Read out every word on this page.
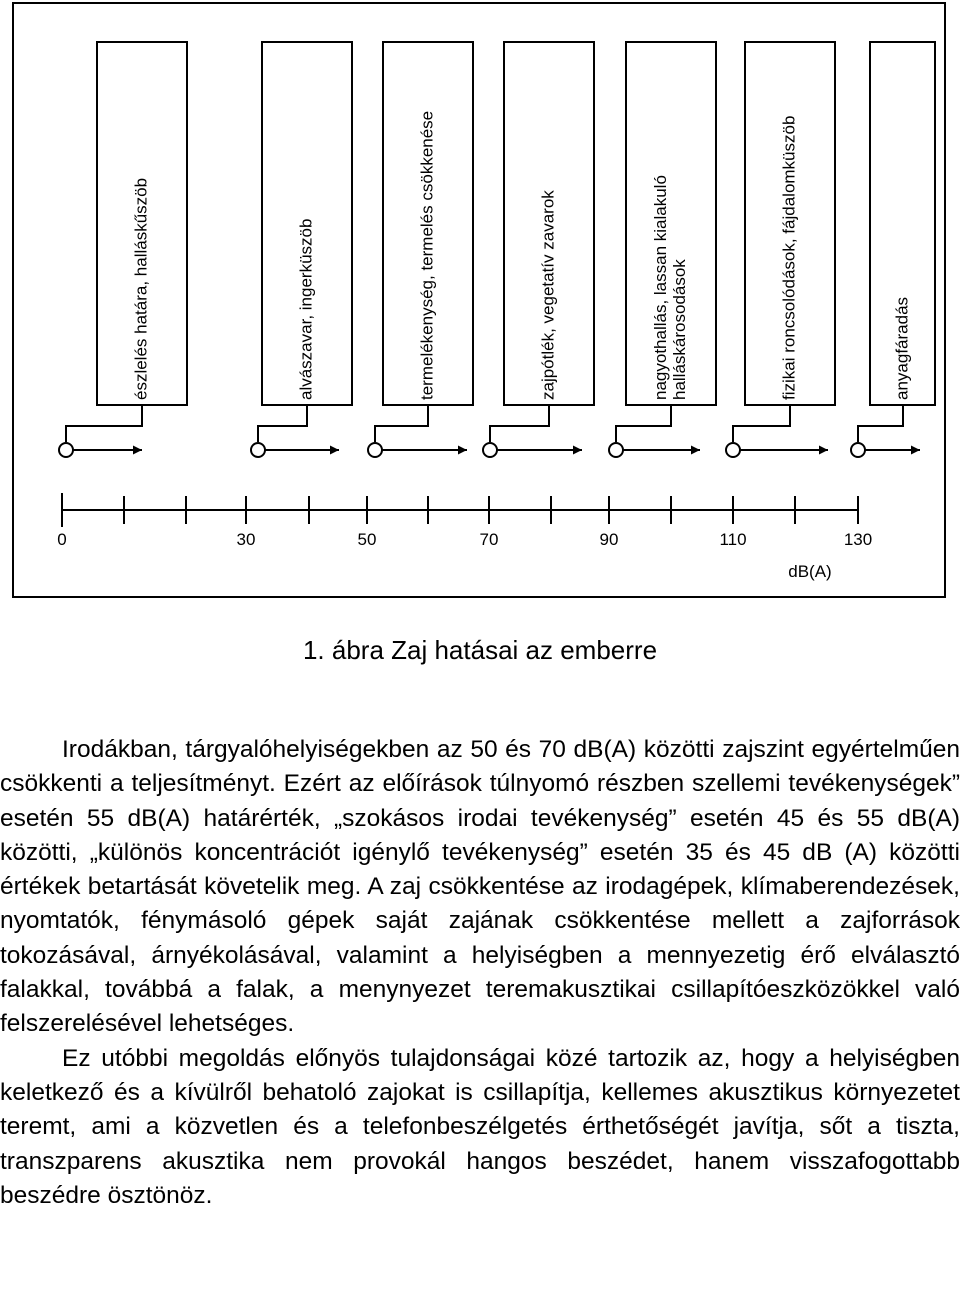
észlelés határa, halláskűszöb	alvászavar, ingerküszöb	termelékenység, termelés csökkenése	zajpótlék, vegetatív zavarok	nagyothallás, lassan kialakuló halláskárosodások	fizikai roncsolódások, fájdalomküszöb	anyagfáradás
0	30	50	70	90	110	130
dB(A)
1. ábra Zaj hatásai az emberre

Irodákban, tárgyalóhelyiségekben az 50 és 70 dB(A) közötti zajszint egyértelműen csökkenti a teljesítményt. Ezért az előírások túlnyomó részben szellemi tevékenységek” esetén 55 dB(A) határérték, „szokásos irodai tevékenység” esetén 45 és 55 dB(A) közötti, „különös koncentrációt igénylő tevékenység” esetén 35 és 45 dB (A) közötti értékek betartását követelik meg. A zaj csökkentése az irodagépek, klímaberendezések, nyomtatók, fénymásoló gépek saját zajának csökkentése mellett a zajforrások tokozásával, árnyékolásával, valamint a helyiségben a mennyezetig érő elválasztó falakkal, továbbá a falak, a menynyezet teremakusztikai csillapítóeszközökkel való felszerelésével lehetséges.

Ez utóbbi megoldás előnyös tulajdonságai közé tartozik az, hogy a helyiségben keletkező és a kívülről behatoló zajokat is csillapítja, kellemes akusztikus környezetet teremt, ami a közvetlen és a telefonbeszélgetés érthetőségét javítja, sőt a tiszta, transzparens akusztika nem provokál hangos beszédet, hanem visszafogottabb beszédre ösztönöz.
